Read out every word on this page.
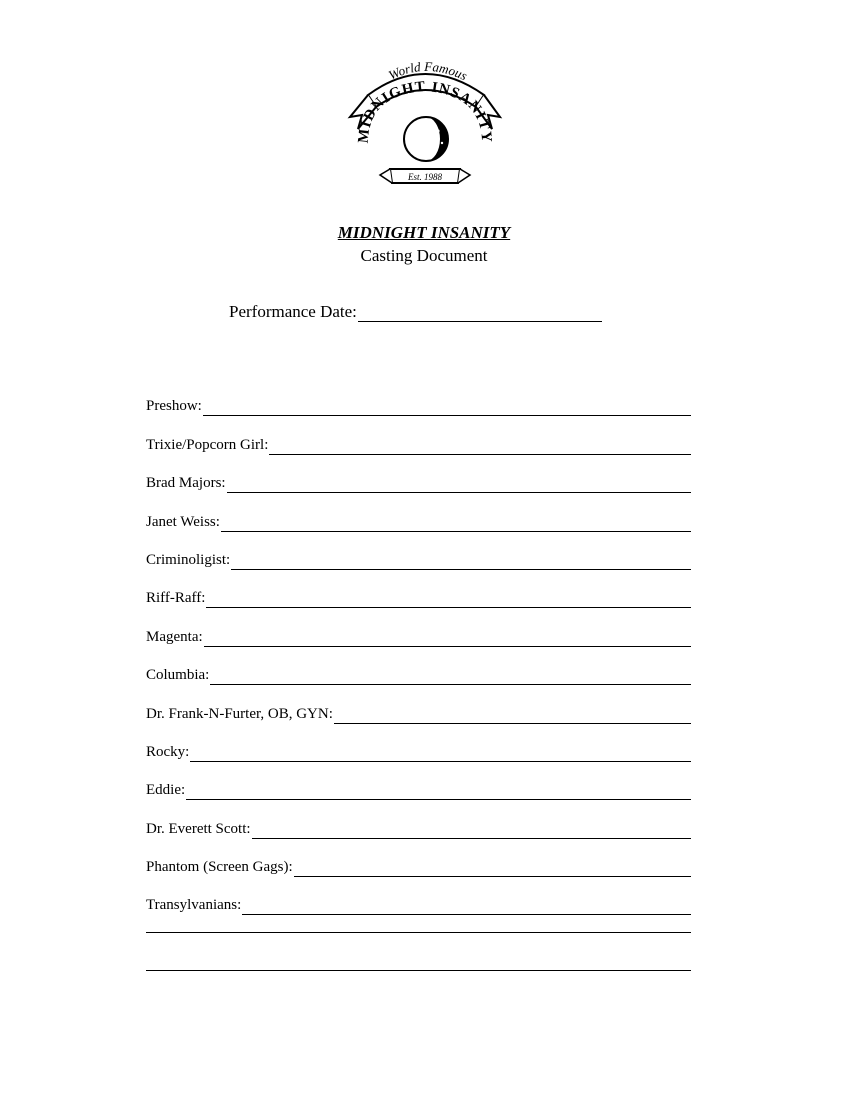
World Famous
MIDNIGHT INSANITY
Est. 1988
MIDNIGHT INSANITY
Casting Document
Performance Date:
Preshow:
Trixie/Popcorn Girl:
Brad Majors:
Janet Weiss:
Criminoligist:
Riff-Raff:
Magenta:
Columbia:
Dr. Frank-N-Furter, OB, GYN:
Rocky:
Eddie:
Dr. Everett Scott:
Phantom (Screen Gags):
Transylvanians:
